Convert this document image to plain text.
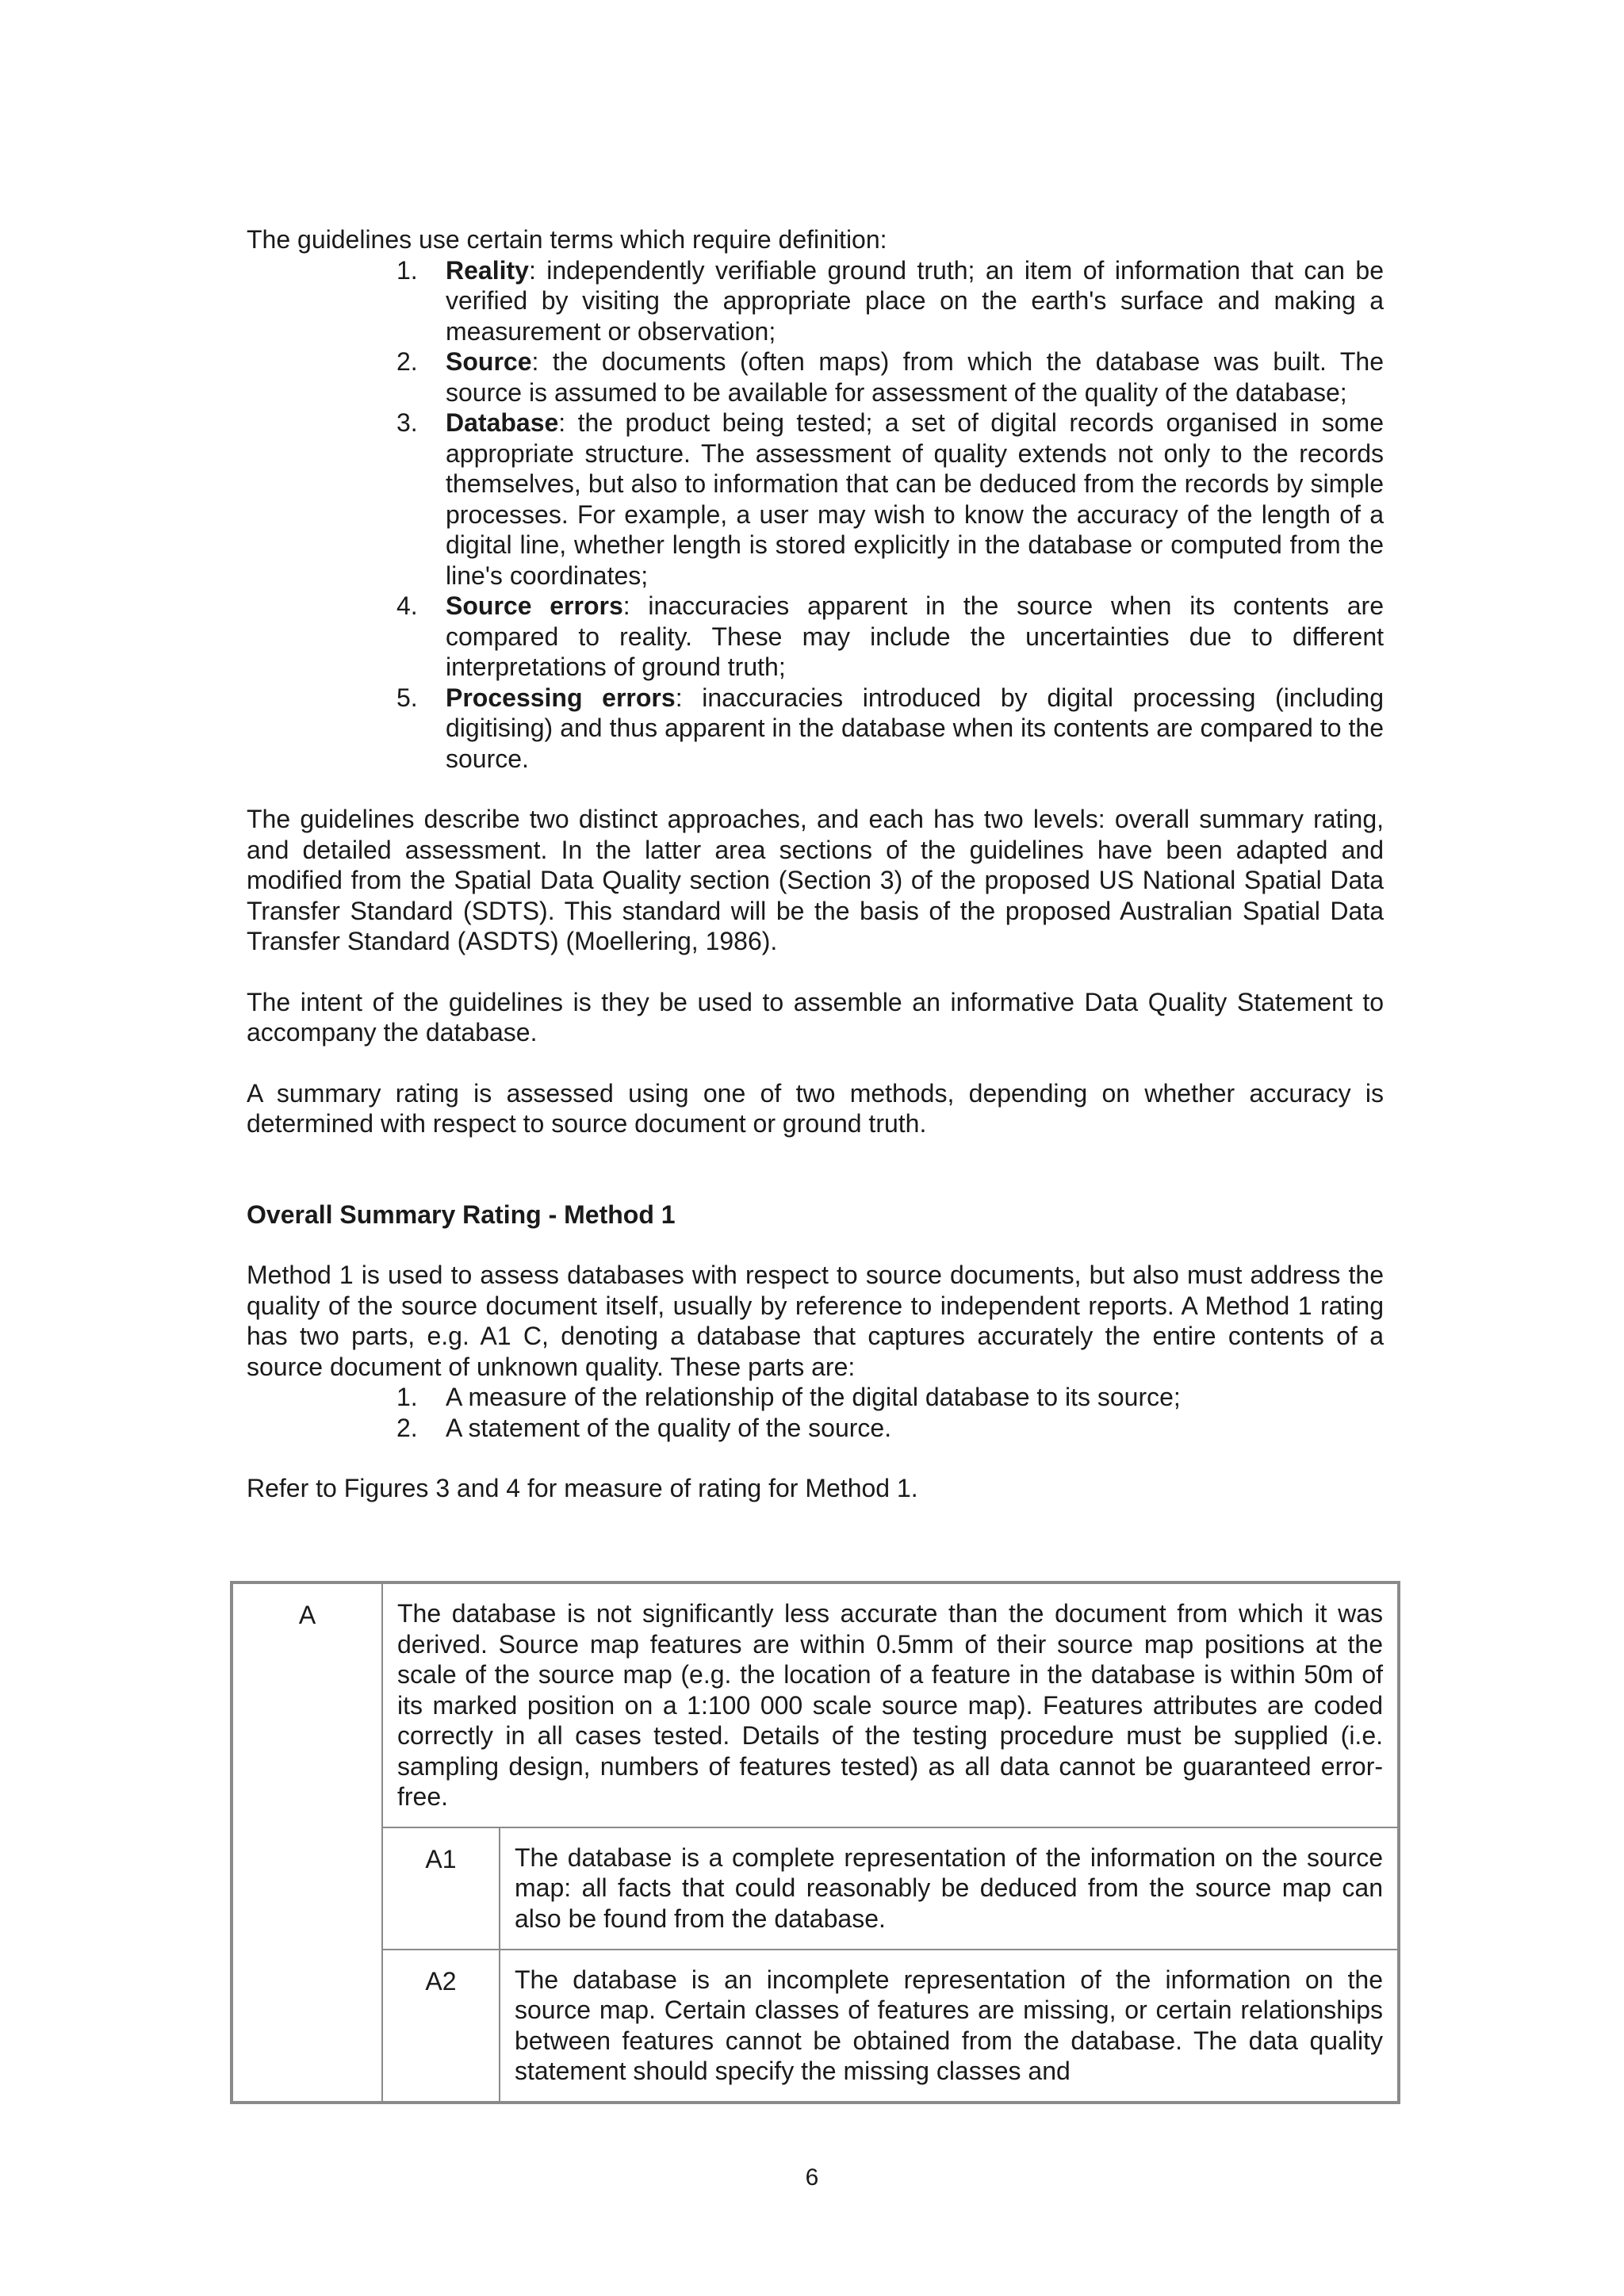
The guidelines use certain terms which require definition:

1.	Reality: independently verifiable ground truth; an item of information that can be verified by visiting the appropriate place on the earth's surface and making a measurement or observation;
2.	Source: the documents (often maps) from which the database was built. The source is assumed to be available for assessment of the quality of the database;
3.	Database: the product being tested; a set of digital records organised in some appropriate structure. The assessment of quality extends not only to the records themselves, but also to information that can be deduced from the records by simple processes. For example, a user may wish to know the accuracy of the length of a digital line, whether length is stored explicitly in the database or computed from the line's coordinates;
4.	Source errors: inaccuracies apparent in the source when its contents are compared to reality. These may include the uncertainties due to different interpretations of ground truth;
5.	Processing errors: inaccuracies introduced by digital processing (including digitising) and thus apparent in the database when its contents are compared to the source.

The guidelines describe two distinct approaches, and each has two levels: overall summary rating, and detailed assessment. In the latter area sections of the guidelines have been adapted and modified from the Spatial Data Quality section (Section 3) of the proposed US National Spatial Data Transfer Standard (SDTS). This standard will be the basis of the proposed Australian Spatial Data Transfer Standard (ASDTS) (Moellering, 1986).

The intent of the guidelines is they be used to assemble an informative Data Quality Statement to accompany the database.

A summary rating is assessed using one of two methods, depending on whether accuracy is determined with respect to source document or ground truth.

Overall Summary Rating - Method 1

Method 1 is used to assess databases with respect to source documents, but also must address the quality of the source document itself, usually by reference to independent reports. A Method 1 rating has two parts, e.g. A1 C, denoting a database that captures accurately the entire contents of a source document of unknown quality. These parts are:

1.	A measure of the relationship of the digital database to its source;
2.	A statement of the quality of the source.

Refer to Figures 3 and 4 for measure of rating for Method 1.

A	The database is not significantly less accurate than the document from which it was derived. Source map features are within 0.5mm of their source map positions at the scale of the source map (e.g. the location of a feature in the database is within 50m of its marked position on a 1:100 000 scale source map). Features attributes are coded correctly in all cases tested. Details of the testing procedure must be supplied (i.e. sampling design, numbers of features tested) as all data cannot be guaranteed error-free.	
	A1	The database is a complete representation of the information on the source map: all facts that could reasonably be deduced from the source map can also be found from the database.
	A2	The database is an incomplete representation of the information on the source map. Certain classes of features are missing, or certain relationships between features cannot be obtained from the database. The data quality statement should specify the missing classes and
6
